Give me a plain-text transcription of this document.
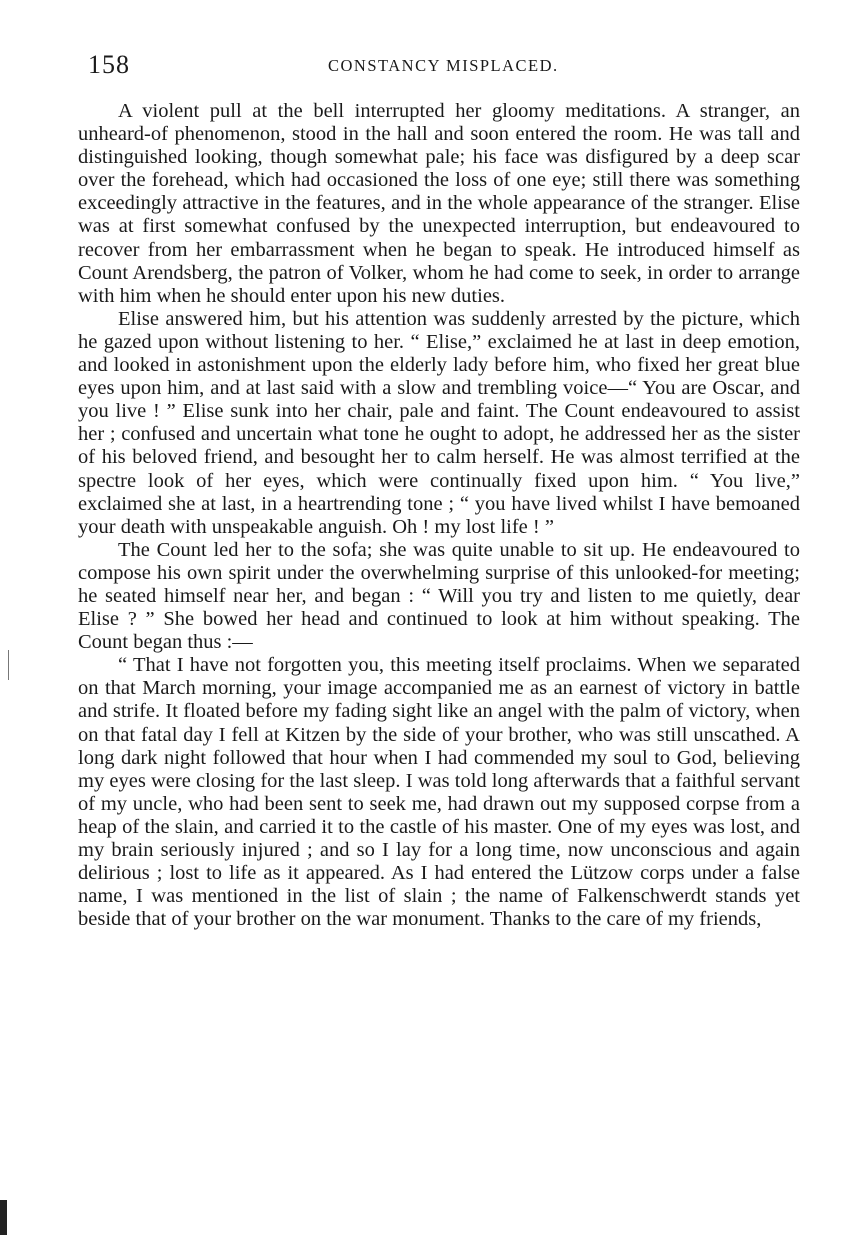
158	CONSTANCY MISPLACED.

A violent pull at the bell interrupted her gloomy meditations. A stranger, an unheard-of phenomenon, stood in the hall and soon entered the room. He was tall and distinguished looking, though somewhat pale; his face was disfigured by a deep scar over the forehead, which had occasioned the loss of one eye; still there was something exceedingly attractive in the features, and in the whole appearance of the stranger. Elise was at first somewhat confused by the unexpected interruption, but endeavoured to recover from her embarrassment when he began to speak. He introduced himself as Count Arendsberg, the patron of Volker, whom he had come to seek, in order to arrange with him when he should enter upon his new duties.

Elise answered him, but his attention was suddenly arrested by the picture, which he gazed upon without listening to her. “ Elise,” exclaimed he at last in deep emotion, and looked in astonishment upon the elderly lady before him, who fixed her great blue eyes upon him, and at last said with a slow and trembling voice—“ You are Oscar, and you live ! ” Elise sunk into her chair, pale and faint. The Count endeavoured to assist her ; confused and uncertain what tone he ought to adopt, he addressed her as the sister of his beloved friend, and besought her to calm herself. He was almost terrified at the spectre look of her eyes, which were continually fixed upon him. “ You live,” exclaimed she at last, in a heartrending tone ; “ you have lived whilst I have bemoaned your death with unspeakable anguish. Oh ! my lost life ! ”

The Count led her to the sofa; she was quite unable to sit up. He endeavoured to compose his own spirit under the overwhelming surprise of this unlooked-for meeting; he seated himself near her, and began : “ Will you try and listen to me quietly, dear Elise ? ” She bowed her head and continued to look at him without speaking. The Count began thus :—

“ That I have not forgotten you, this meeting itself proclaims. When we separated on that March morning, your image accompanied me as an earnest of victory in battle and strife. It floated before my fading sight like an angel with the palm of victory, when on that fatal day I fell at Kitzen by the side of your brother, who was still unscathed. A long dark night followed that hour when I had commended my soul to God, believing my eyes were closing for the last sleep. I was told long afterwards that a faithful servant of my uncle, who had been sent to seek me, had drawn out my supposed corpse from a heap of the slain, and carried it to the castle of his master. One of my eyes was lost, and my brain seriously injured ; and so I lay for a long time, now unconscious and again delirious ; lost to life as it appeared. As I had entered the Lützow corps under a false name, I was mentioned in the list of slain ; the name of Falkenschwerdt stands yet beside that of your brother on the war monument. Thanks to the care of my friends,
